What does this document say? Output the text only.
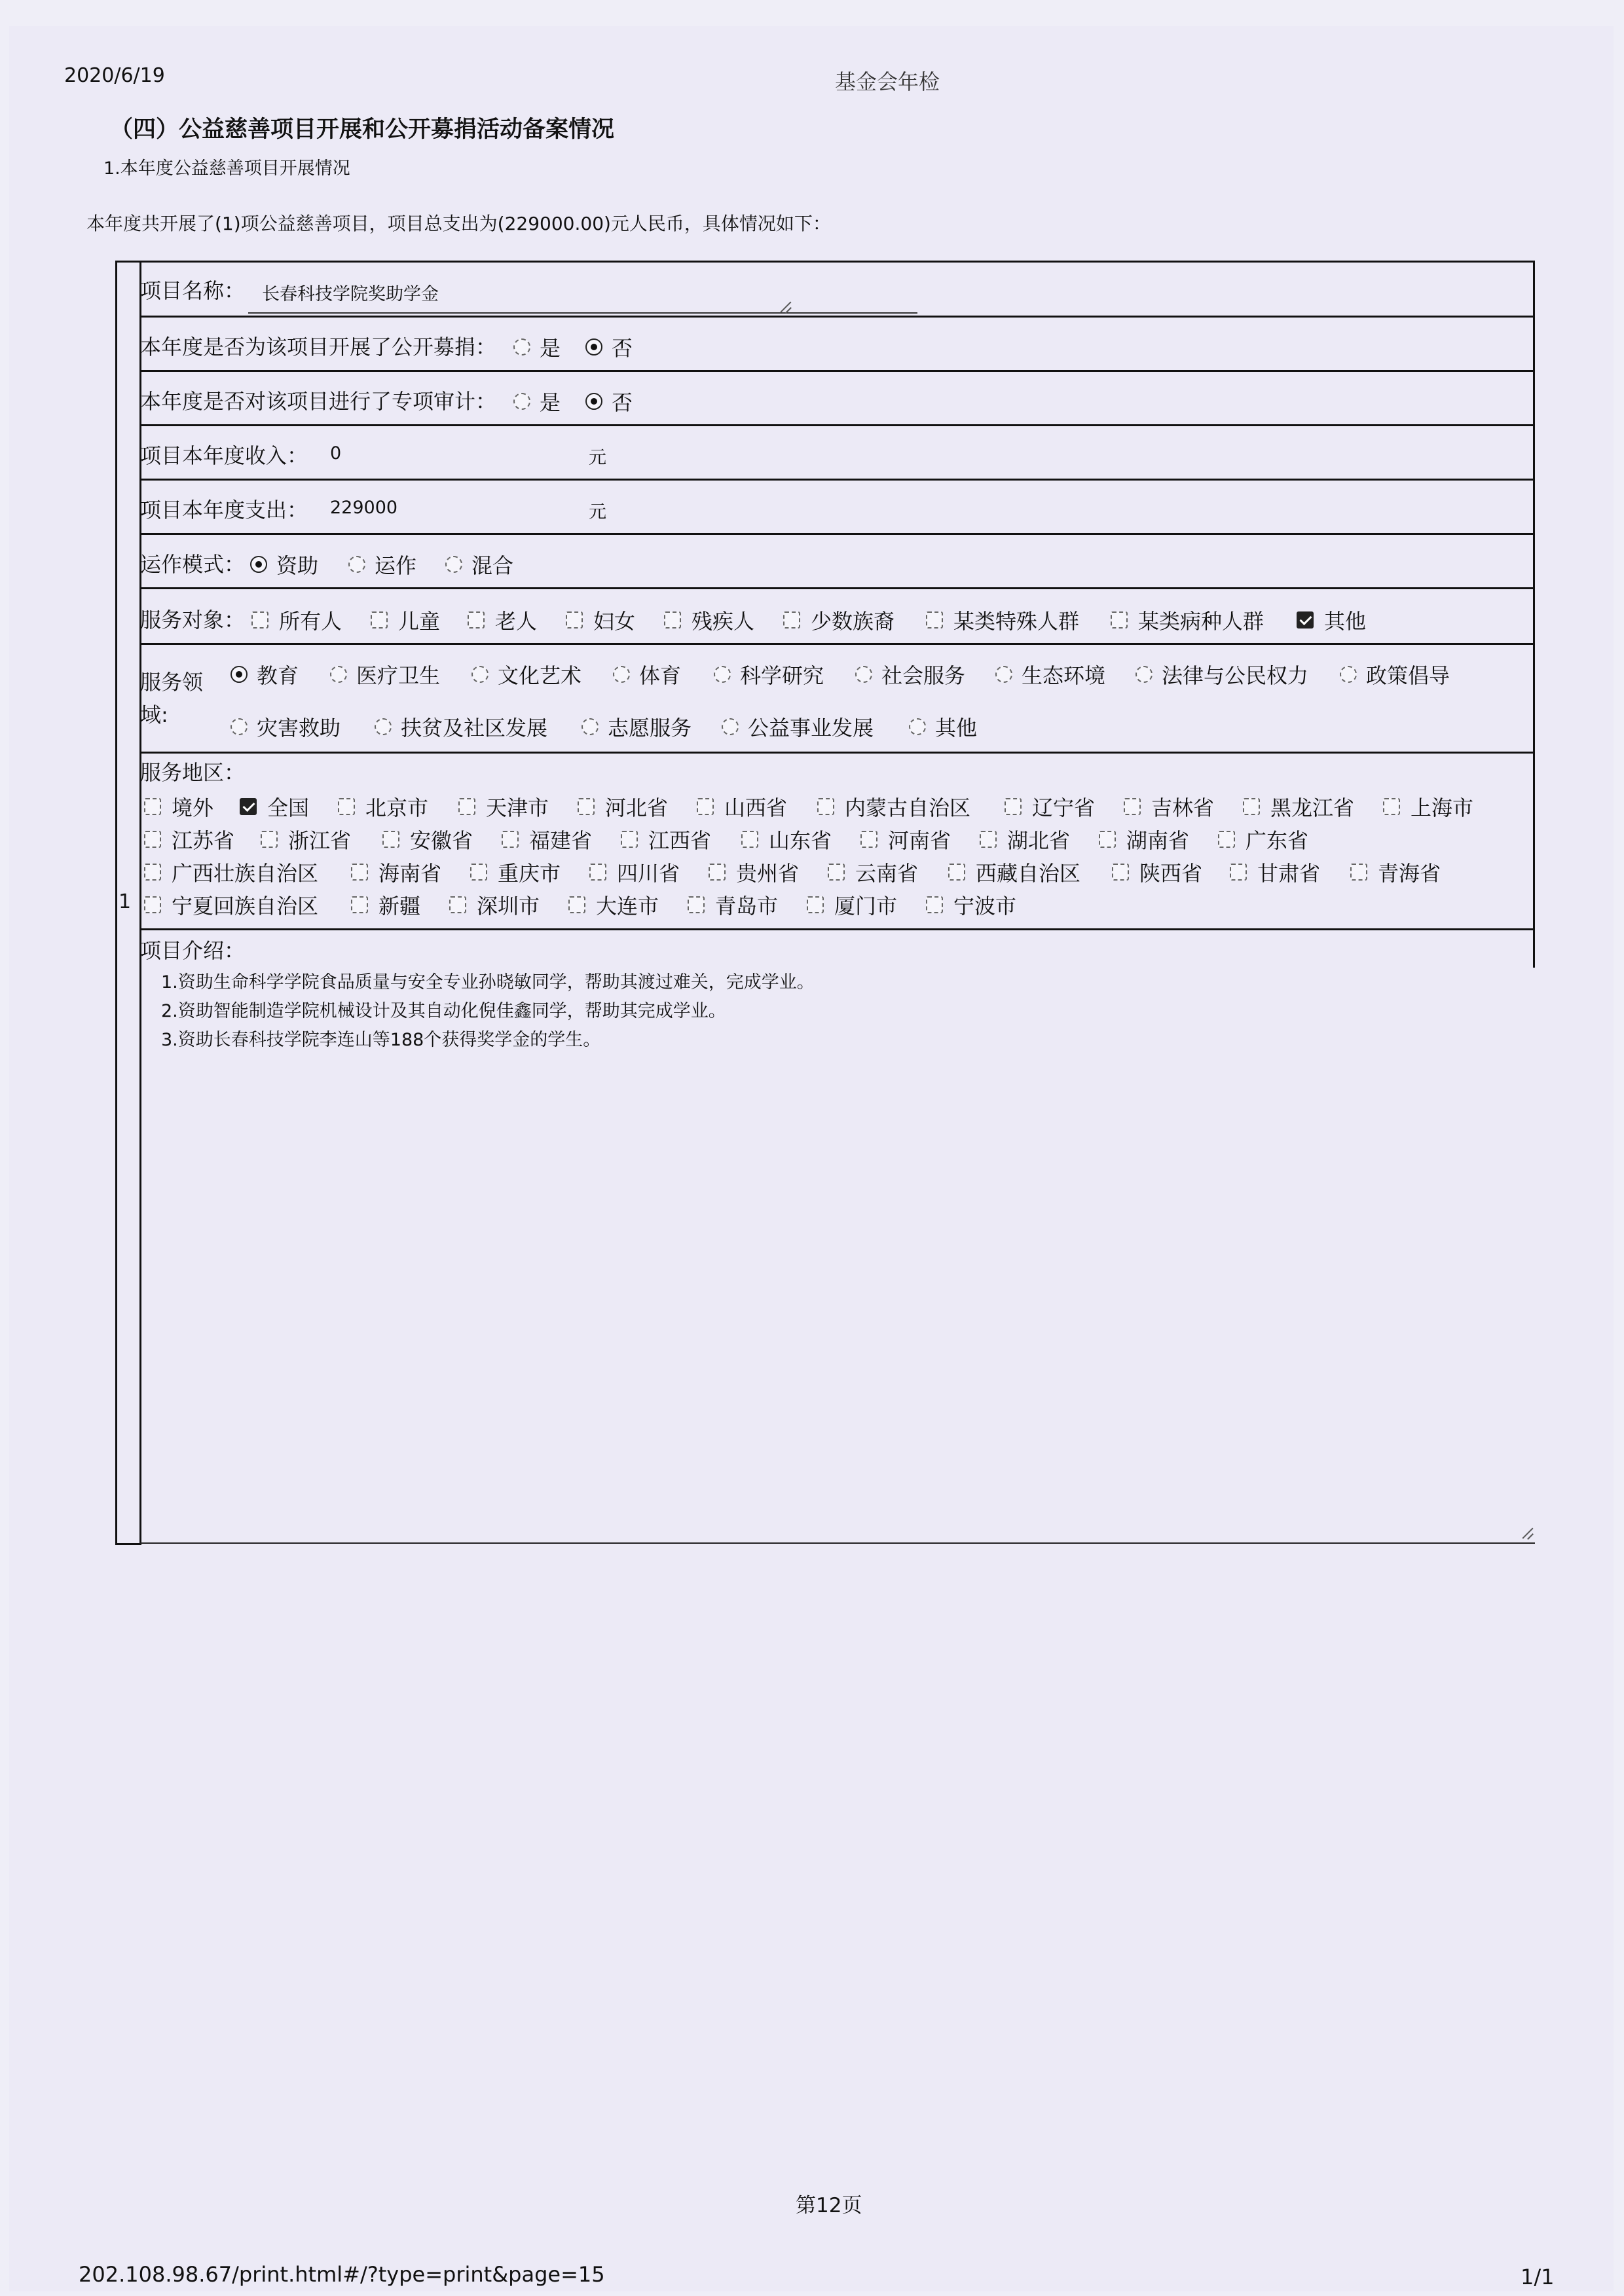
2020/6/19	基金会年检
（四）公益慈善项目开展和公开募捐活动备案情况
1.本年度公益慈善项目开展情况
本年度共开展了(1)项公益慈善项目，项目总支出为(229000.00)元人民币，具体情况如下：
1
项目名称： 长春科技学院奖助学金
本年度是否为该项目开展了公开募捐： 是 否
本年度是否对该项目进行了专项审计： 是 否
项目本年度收入： 0	元
项目本年度支出： 229000	元
运作模式： 资助	运作	混合
服务对象： 所有人	儿童	老人	妇女	残疾人	少数族裔	某类特殊人群	某类病种人群	其他
服务领
域:
教育	医疗卫生	文化艺术	体育	科学研究	社会服务	生态环境	法律与公民权力	政策倡导
灾害救助	扶贫及社区发展	志愿服务	公益事业发展	其他
服务地区：
境外	全国	北京市	天津市	河北省	山西省	内蒙古自治区	辽宁省	吉林省	黑龙江省	上海市
江苏省	浙江省	安徽省	福建省	江西省	山东省	河南省	湖北省	湖南省	广东省
广西壮族自治区	海南省	重庆市	四川省	贵州省	云南省	西藏自治区	陕西省	甘肃省	青海省
宁夏回族自治区	新疆	深圳市	大连市	青岛市	厦门市	宁波市
项目介绍：
1.资助生命科学学院食品质量与安全专业孙晓敏同学，帮助其渡过难关，完成学业。
2.资助智能制造学院机械设计及其自动化倪佳鑫同学，帮助其完成学业。
3.资助长春科技学院李连山等188个获得奖学金的学生。
第12页
202.108.98.67/print.html#/?type=print&page=15	1/1
